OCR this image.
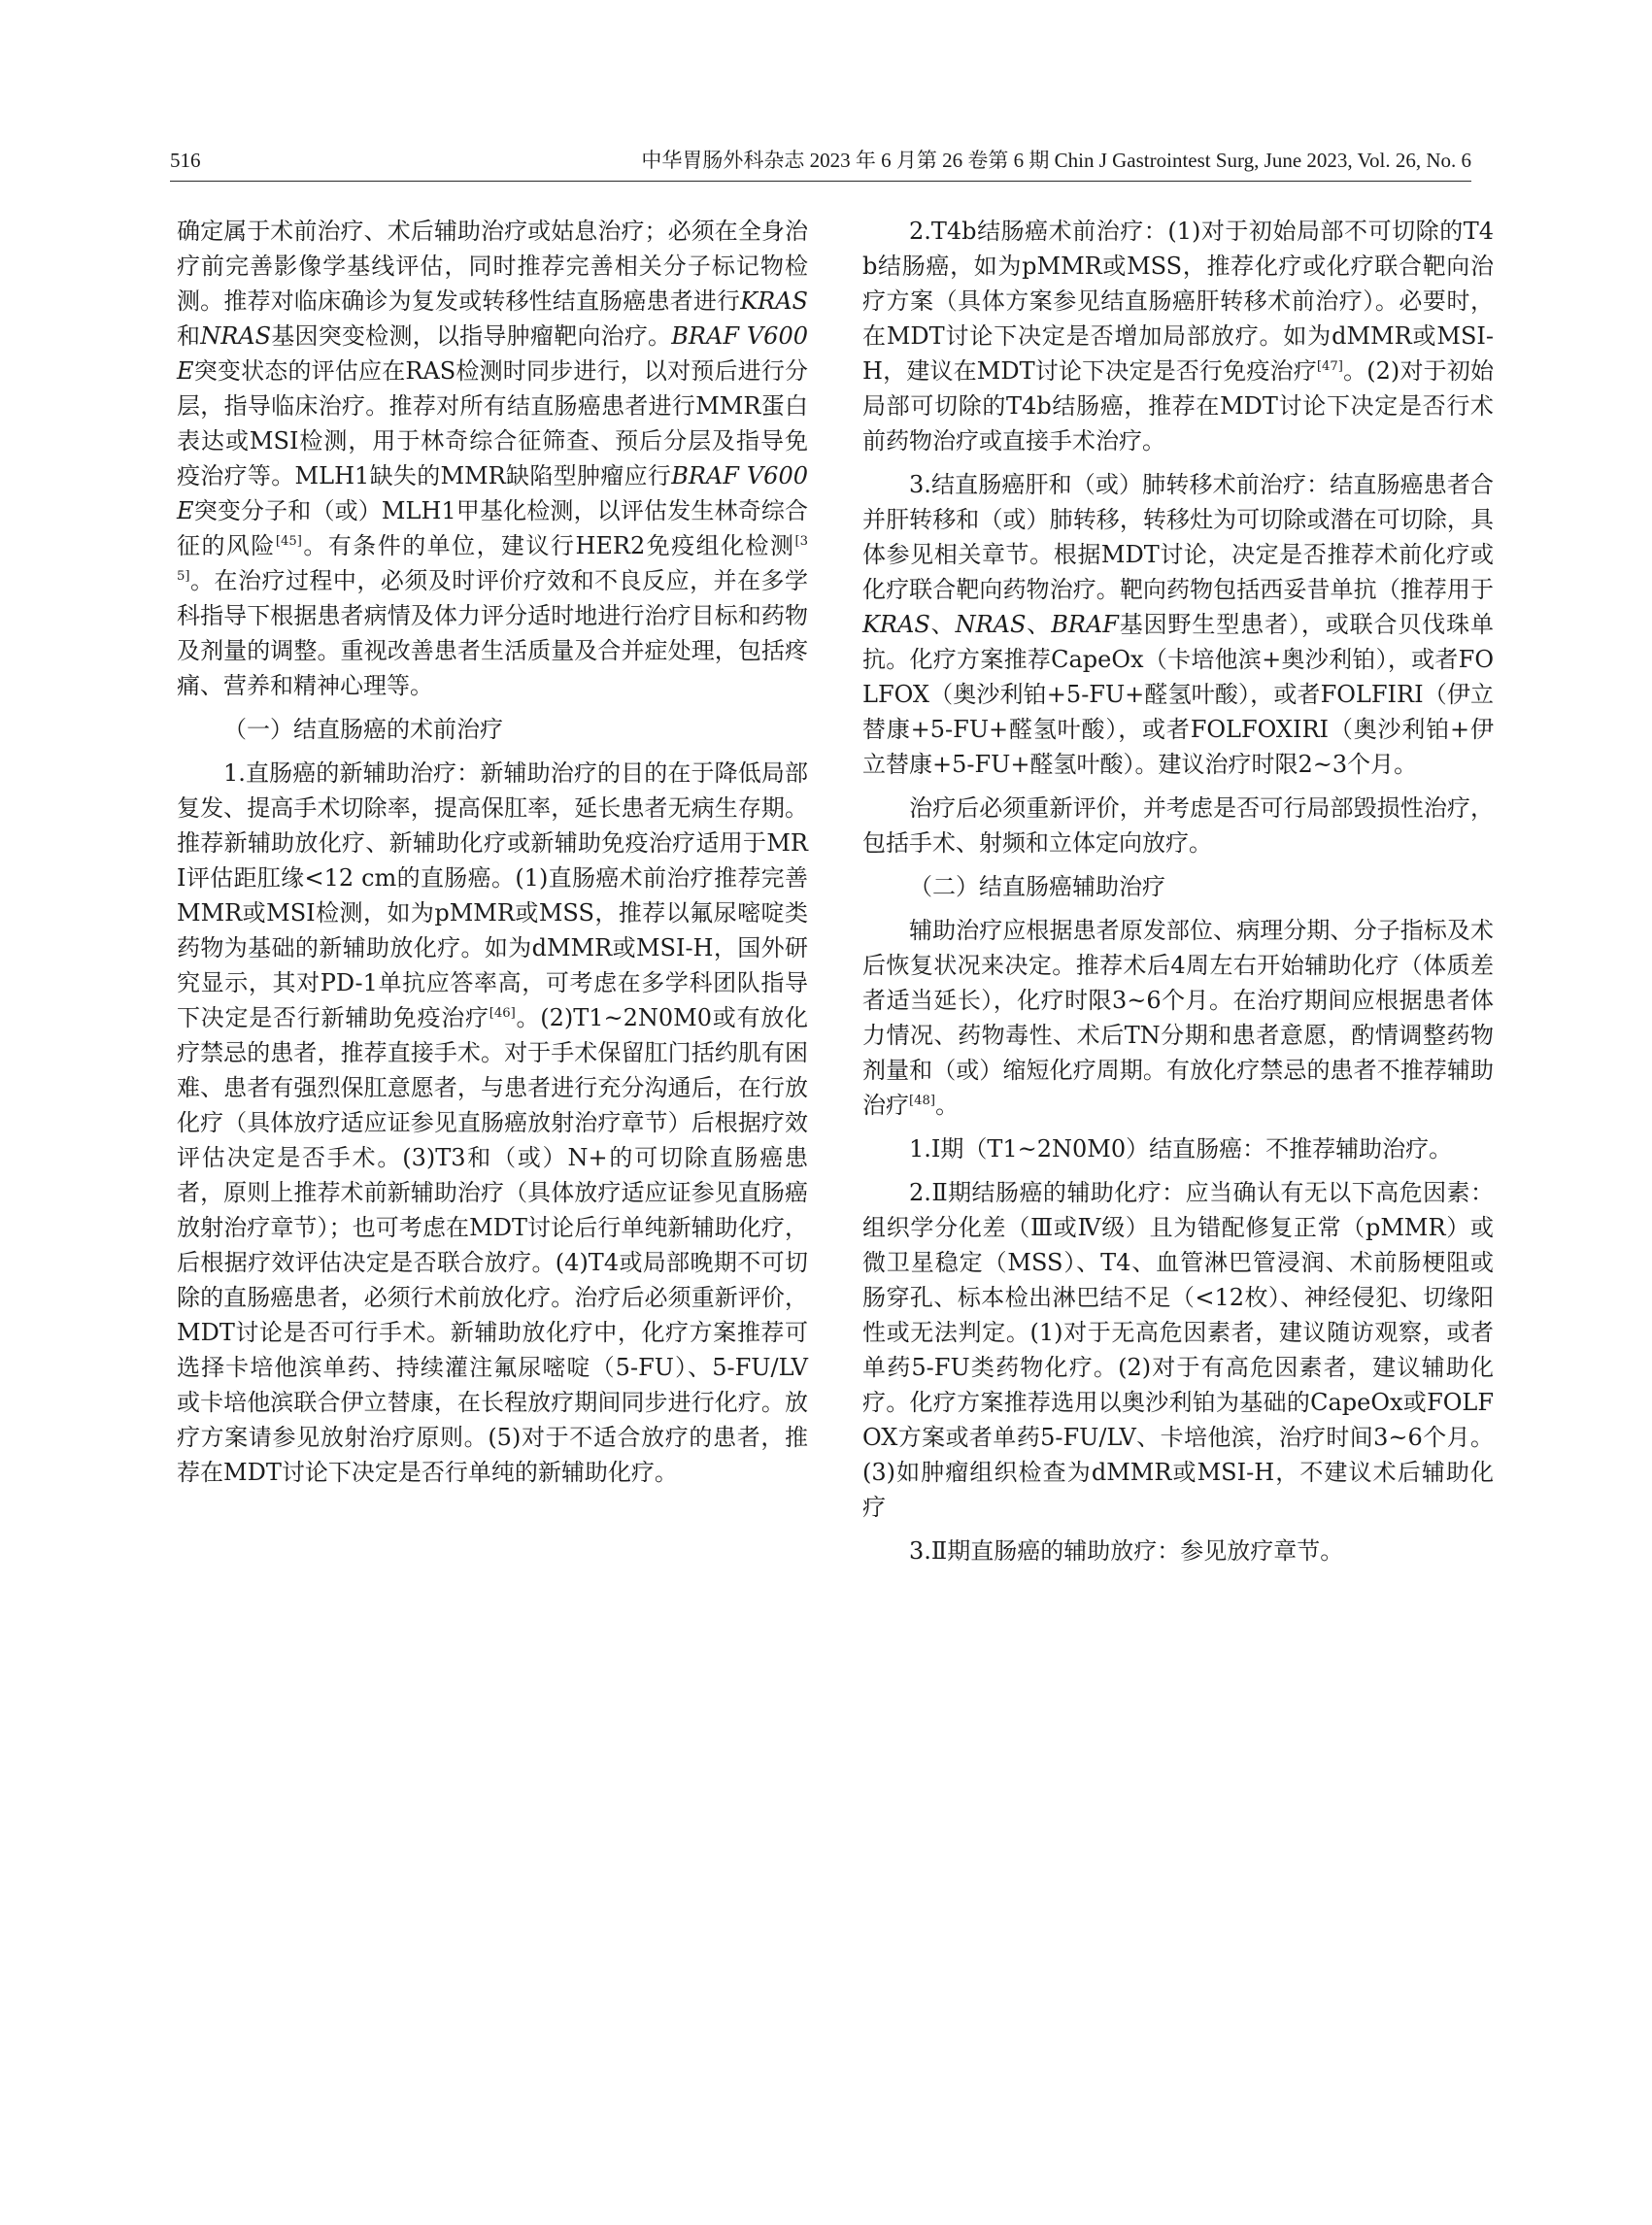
516	中华胃肠外科杂志 2023 年 6 月第 26 卷第 6 期 Chin J Gastrointest Surg, June 2023, Vol. 26, No. 6

确定属于术前治疗、术后辅助治疗或姑息治疗；必须在全身治疗前完善影像学基线评估，同时推荐完善相关分子标记物检测。推荐对临床确诊为复发或转移性结直肠癌患者进行KRAS和NRAS基因突变检测，以指导肿瘤靶向治疗。BRAF V600E突变状态的评估应在RAS检测时同步进行，以对预后进行分层，指导临床治疗。推荐对所有结直肠癌患者进行MMR蛋白表达或MSI检测，用于林奇综合征筛查、预后分层及指导免疫治疗等。MLH1缺失的MMR缺陷型肿瘤应行BRAF V600E突变分子和（或）MLH1甲基化检测，以评估发生林奇综合征的风险[45]。有条件的单位，建议行HER2免疫组化检测[35]。在治疗过程中，必须及时评价疗效和不良反应，并在多学科指导下根据患者病情及体力评分适时地进行治疗目标和药物及剂量的调整。重视改善患者生活质量及合并症处理，包括疼痛、营养和精神心理等。

（一）结直肠癌的术前治疗

1.直肠癌的新辅助治疗：新辅助治疗的目的在于降低局部复发、提高手术切除率，提高保肛率，延长患者无病生存期。推荐新辅助放化疗、新辅助化疗或新辅助免疫治疗适用于MRI评估距肛缘<12 cm的直肠癌。(1)直肠癌术前治疗推荐完善MMR或MSI检测，如为pMMR或MSS，推荐以氟尿嘧啶类药物为基础的新辅助放化疗。如为dMMR或MSI-H，国外研究显示，其对PD-1单抗应答率高，可考虑在多学科团队指导下决定是否行新辅助免疫治疗[46]。(2)T1~2N0M0或有放化疗禁忌的患者，推荐直接手术。对于手术保留肛门括约肌有困难、患者有强烈保肛意愿者，与患者进行充分沟通后，在行放化疗（具体放疗适应证参见直肠癌放射治疗章节）后根据疗效评估决定是否手术。(3)T3和（或）N+的可切除直肠癌患者，原则上推荐术前新辅助治疗（具体放疗适应证参见直肠癌放射治疗章节）；也可考虑在MDT讨论后行单纯新辅助化疗，后根据疗效评估决定是否联合放疗。(4)T4或局部晚期不可切除的直肠癌患者，必须行术前放化疗。治疗后必须重新评价，MDT讨论是否可行手术。新辅助放化疗中，化疗方案推荐可选择卡培他滨单药、持续灌注氟尿嘧啶（5-FU）、5-FU/LV或卡培他滨联合伊立替康，在长程放疗期间同步进行化疗。放疗方案请参见放射治疗原则。(5)对于不适合放疗的患者，推荐在MDT讨论下决定是否行单纯的新辅助化疗。

2.T4b结肠癌术前治疗：(1)对于初始局部不可切除的T4b结肠癌，如为pMMR或MSS，推荐化疗或化疗联合靶向治疗方案（具体方案参见结直肠癌肝转移术前治疗）。必要时，在MDT讨论下决定是否增加局部放疗。如为dMMR或MSI-H，建议在MDT讨论下决定是否行免疫治疗[47]。(2)对于初始局部可切除的T4b结肠癌，推荐在MDT讨论下决定是否行术前药物治疗或直接手术治疗。

3.结直肠癌肝和（或）肺转移术前治疗：结直肠癌患者合并肝转移和（或）肺转移，转移灶为可切除或潜在可切除，具体参见相关章节。根据MDT讨论，决定是否推荐术前化疗或化疗联合靶向药物治疗。靶向药物包括西妥昔单抗（推荐用于KRAS、NRAS、BRAF基因野生型患者），或联合贝伐珠单抗。化疗方案推荐CapeOx（卡培他滨+奥沙利铂），或者FOLFOX（奥沙利铂+5-FU+醛氢叶酸），或者FOLFIRI（伊立替康+5-FU+醛氢叶酸），或者FOLFOXIRI（奥沙利铂+伊立替康+5-FU+醛氢叶酸）。建议治疗时限2~3个月。

治疗后必须重新评价，并考虑是否可行局部毁损性治疗，包括手术、射频和立体定向放疗。

（二）结直肠癌辅助治疗

辅助治疗应根据患者原发部位、病理分期、分子指标及术后恢复状况来决定。推荐术后4周左右开始辅助化疗（体质差者适当延长），化疗时限3~6个月。在治疗期间应根据患者体力情况、药物毒性、术后TN分期和患者意愿，酌情调整药物剂量和（或）缩短化疗周期。有放化疗禁忌的患者不推荐辅助治疗[48]。

1.Ⅰ期（T1~2N0M0）结直肠癌：不推荐辅助治疗。

2.Ⅱ期结肠癌的辅助化疗：应当确认有无以下高危因素：组织学分化差（Ⅲ或Ⅳ级）且为错配修复正常（pMMR）或微卫星稳定（MSS）、T4、血管淋巴管浸润、术前肠梗阻或肠穿孔、标本检出淋巴结不足（<12枚）、神经侵犯、切缘阳性或无法判定。(1)对于无高危因素者，建议随访观察，或者单药5-FU类药物化疗。(2)对于有高危因素者，建议辅助化疗。化疗方案推荐选用以奥沙利铂为基础的CapeOx或FOLFOX方案或者单药5-FU/LV、卡培他滨，治疗时间3~6个月。(3)如肿瘤组织检查为dMMR或MSI-H，不建议术后辅助化疗

3.Ⅱ期直肠癌的辅助放疗：参见放疗章节。
